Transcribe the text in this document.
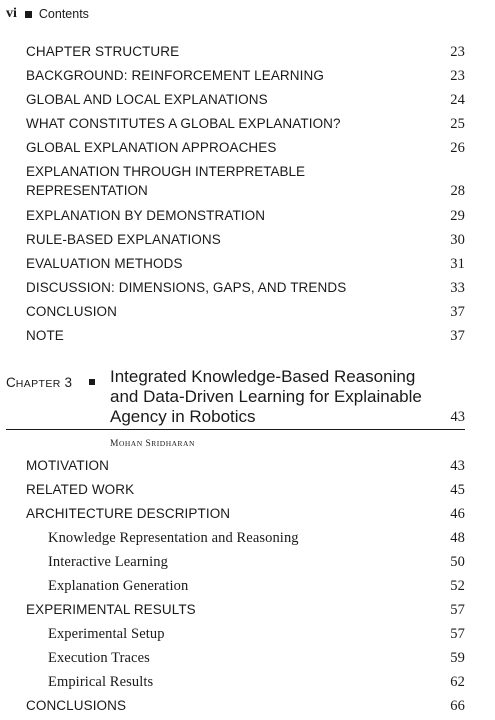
vi Contents
CHAPTER STRUCTURE	23
BACKGROUND: REINFORCEMENT LEARNING	23
GLOBAL AND LOCAL EXPLANATIONS	24
WHAT CONSTITUTES A GLOBAL EXPLANATION?	25
GLOBAL EXPLANATION APPROACHES	26
EXPLANATION THROUGH INTERPRETABLE
REPRESENTATION	28
EXPLANATION BY DEMONSTRATION	29
RULE-BASED EXPLANATIONS	30
EVALUATION METHODS	31
DISCUSSION: DIMENSIONS, GAPS, AND TRENDS	33
CONCLUSION	37
NOTE	37
CHAPTER 3 Integrated Knowledge-Based Reasoning
and Data-Driven Learning for Explainable
Agency in Robotics	43
MOHAN SRIDHARAN
MOTIVATION	43
RELATED WORK	45
ARCHITECTURE DESCRIPTION	46
Knowledge Representation and Reasoning	48
Interactive Learning	50
Explanation Generation	52
EXPERIMENTAL RESULTS	57
Experimental Setup	57
Execution Traces	59
Empirical Results	62
CONCLUSIONS	66
